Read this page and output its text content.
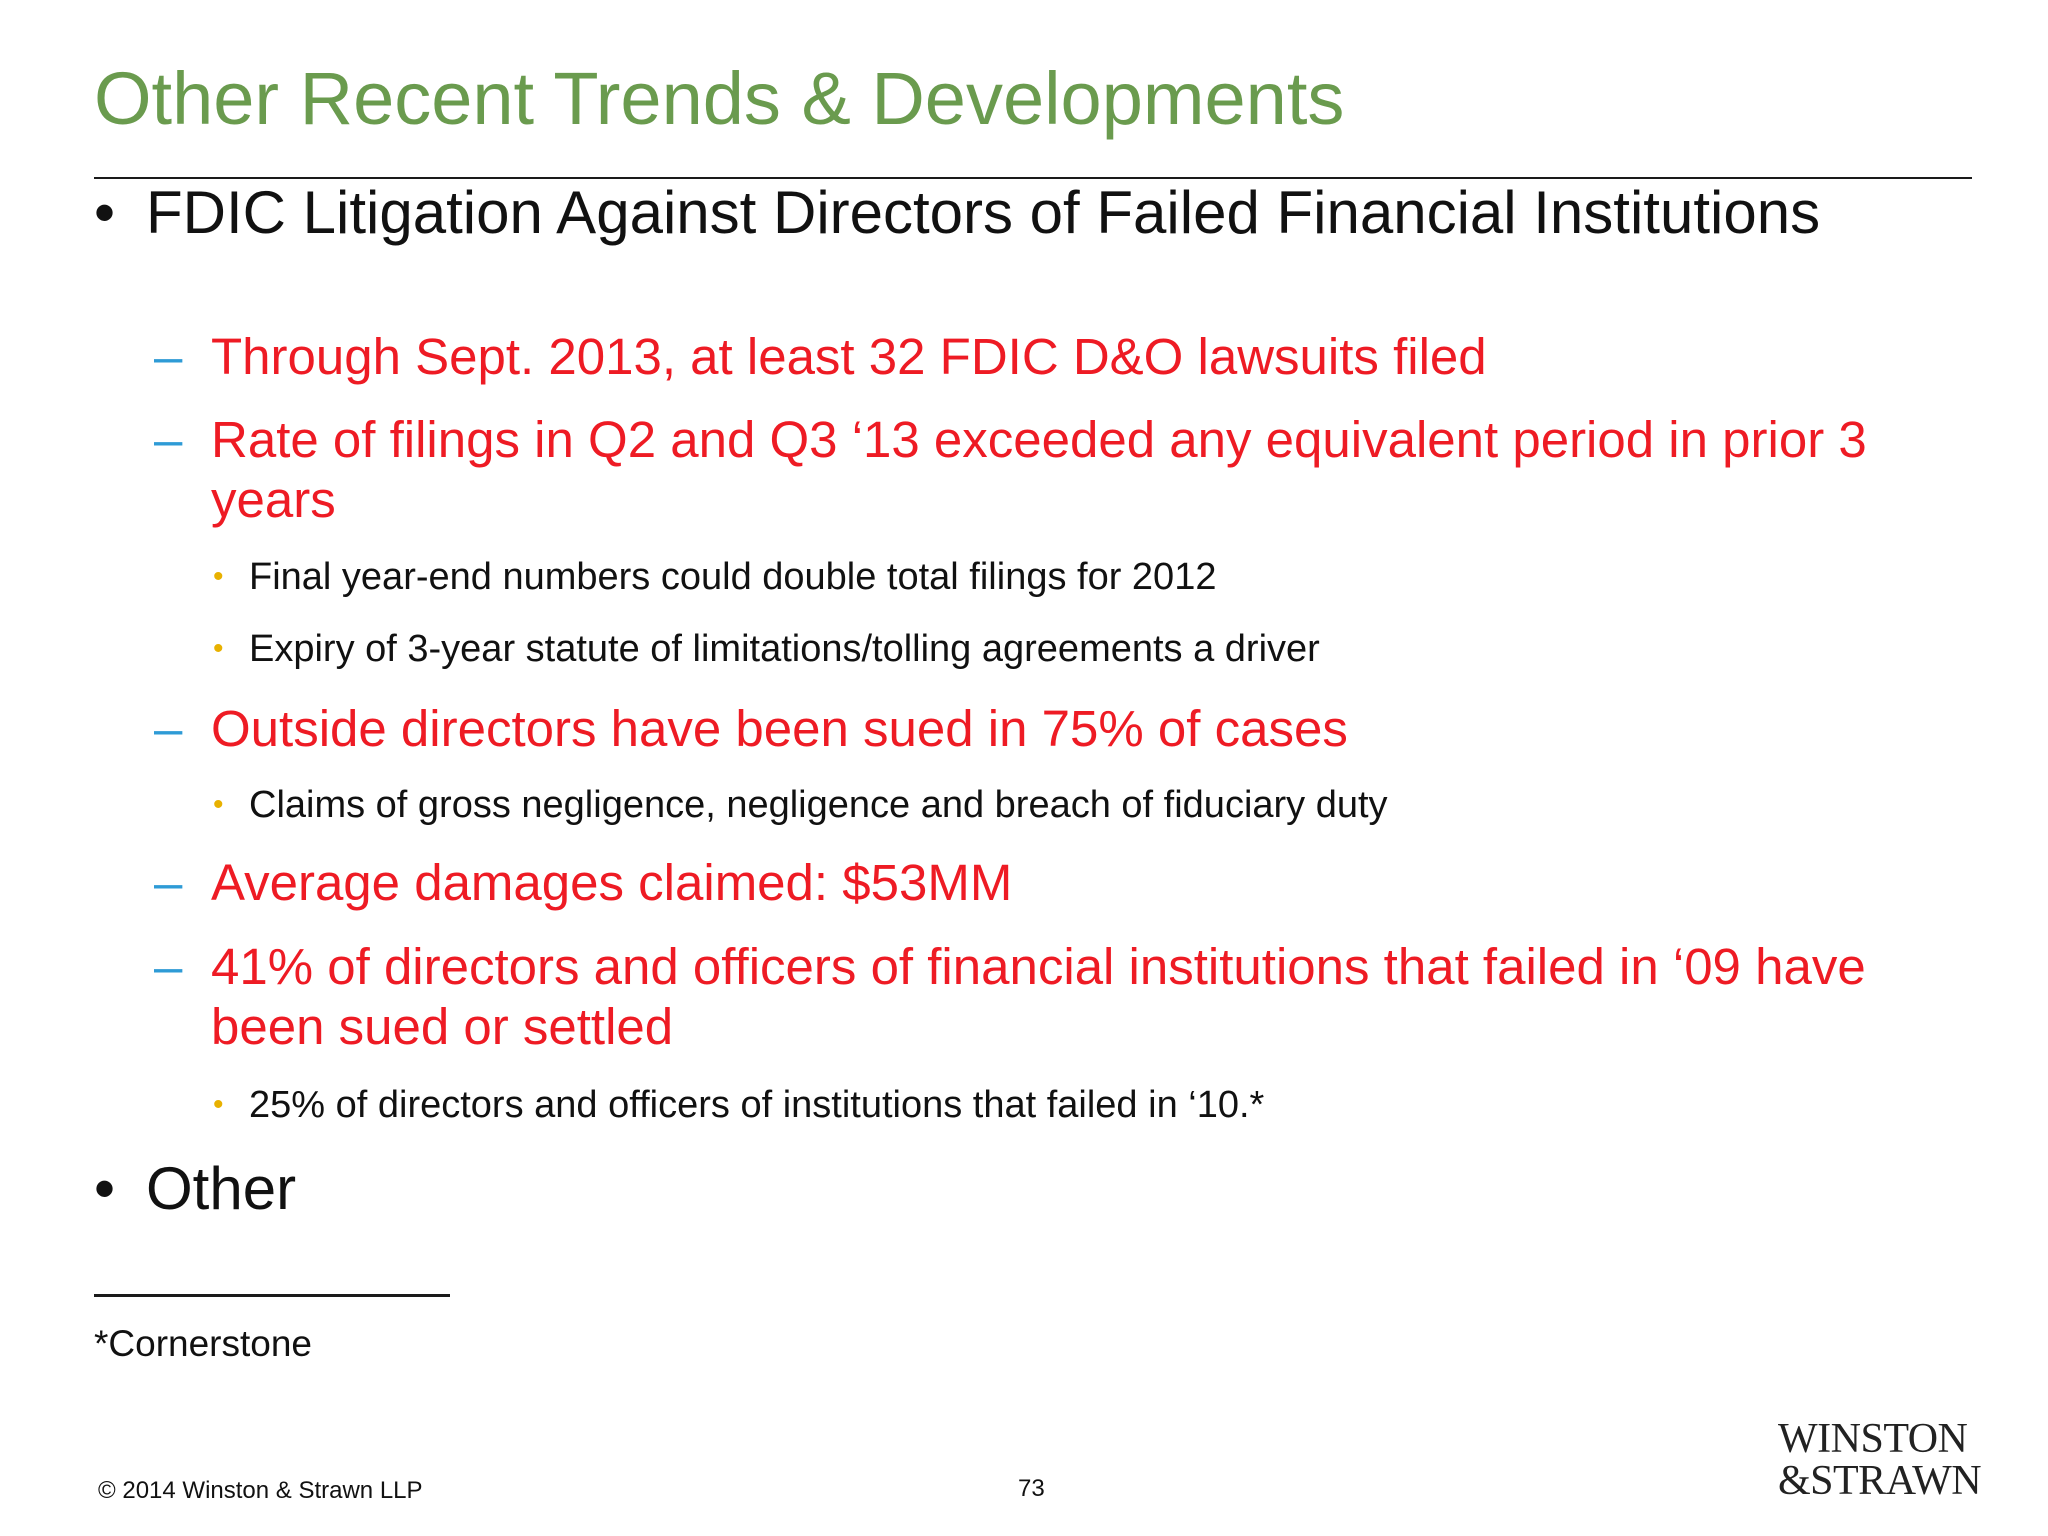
Other Recent Trends & Developments
• FDIC Litigation Against Directors of Failed Financial Institutions
– Through Sept. 2013, at least 32 FDIC D&O lawsuits filed
– Rate of filings in Q2 and Q3 ‘13 exceeded any equivalent period in prior 3
years
• Final year-end numbers could double total filings for 2012
• Expiry of 3-year statute of limitations/tolling agreements a driver
– Outside directors have been sued in 75% of cases
• Claims of gross negligence, negligence and breach of fiduciary duty
– Average damages claimed: $53MM
– 41% of directors and officers of financial institutions that failed in ‘09 have
been sued or settled
• 25% of directors and officers of institutions that failed in ‘10.*
• Other
*Cornerstone
© 2014 Winston & Strawn LLP	73
WINSTON
&STRAWN
